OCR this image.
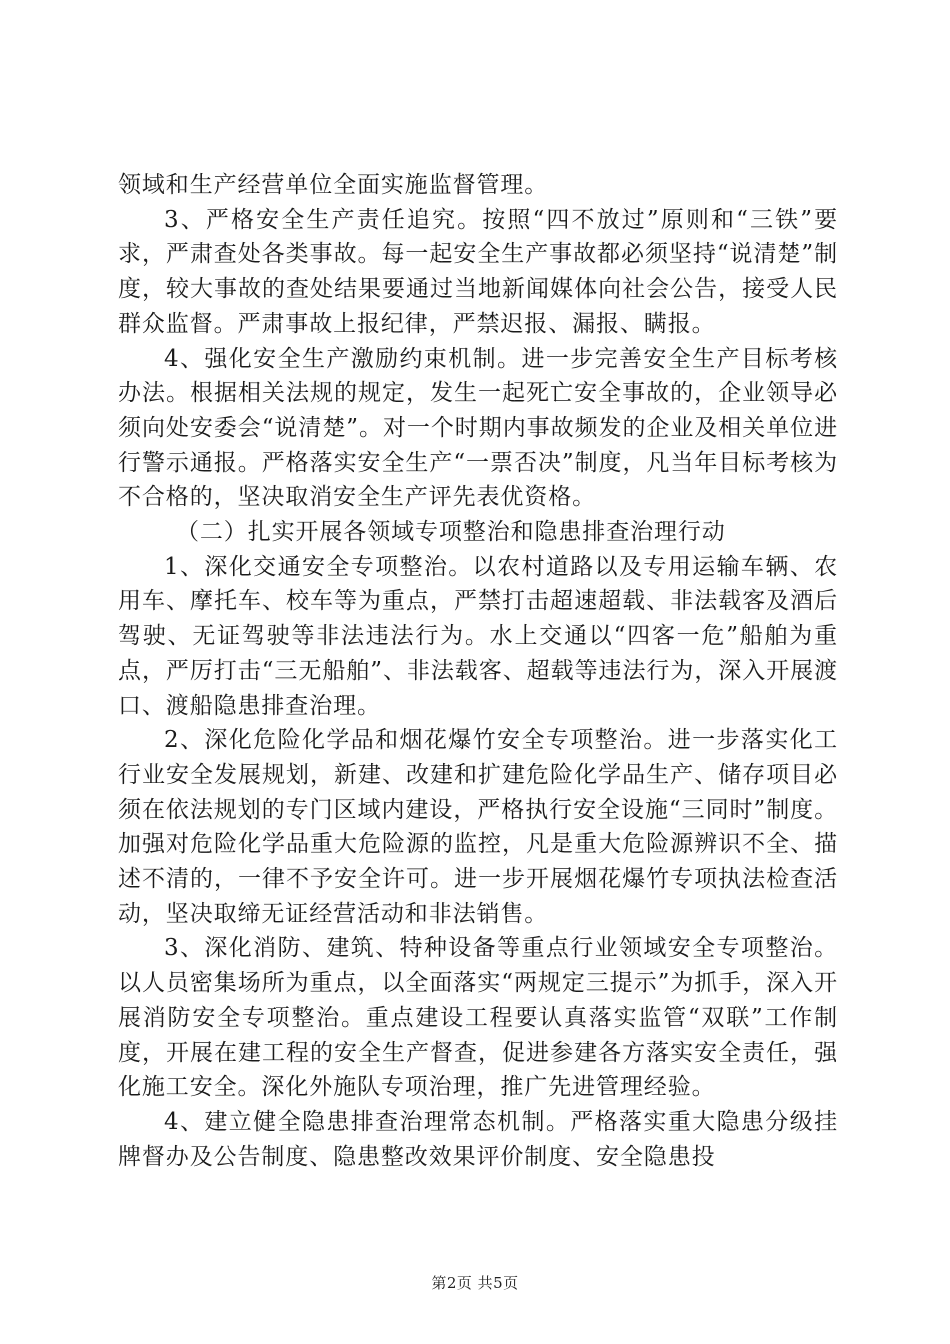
领域和生产经营单位全面实施监督管理。

3、严格安全生产责任追究。按照“四不放过”原则和“三铁”要求，严肃查处各类事故。每一起安全生产事故都必须坚持“说清楚”制度，较大事故的查处结果要通过当地新闻媒体向社会公告，接受人民群众监督。严肃事故上报纪律，严禁迟报、漏报、瞒报。

4、强化安全生产激励约束机制。进一步完善安全生产目标考核办法。根据相关法规的规定，发生一起死亡安全事故的，企业领导必须向处安委会“说清楚”。对一个时期内事故频发的企业及相关单位进行警示通报。严格落实安全生产“一票否决”制度，凡当年目标考核为不合格的，坚决取消安全生产评先表优资格。

（二）扎实开展各领域专项整治和隐患排查治理行动

1、深化交通安全专项整治。以农村道路以及专用运输车辆、农用车、摩托车、校车等为重点，严禁打击超速超载、非法载客及酒后驾驶、无证驾驶等非法违法行为。水上交通以“四客一危”船舶为重点，严厉打击“三无船舶”、非法载客、超载等违法行为，深入开展渡口、渡船隐患排查治理。

2、深化危险化学品和烟花爆竹安全专项整治。进一步落实化工行业安全发展规划，新建、改建和扩建危险化学品生产、储存项目必须在依法规划的专门区域内建设，严格执行安全设施“三同时”制度。加强对危险化学品重大危险源的监控，凡是重大危险源辨识不全、描述不清的，一律不予安全许可。进一步开展烟花爆竹专项执法检查活动，坚决取缔无证经营活动和非法销售。

3、深化消防、建筑、特种设备等重点行业领域安全专项整治。以人员密集场所为重点，以全面落实“两规定三提示”为抓手，深入开展消防安全专项整治。重点建设工程要认真落实监管“双联”工作制度，开展在建工程的安全生产督查，促进参建各方落实安全责任，强化施工安全。深化外施队专项治理，推广先进管理经验。

4、建立健全隐患排查治理常态机制。严格落实重大隐患分级挂牌督办及公告制度、隐患整改效果评价制度、安全隐患投

第2页 共5页
